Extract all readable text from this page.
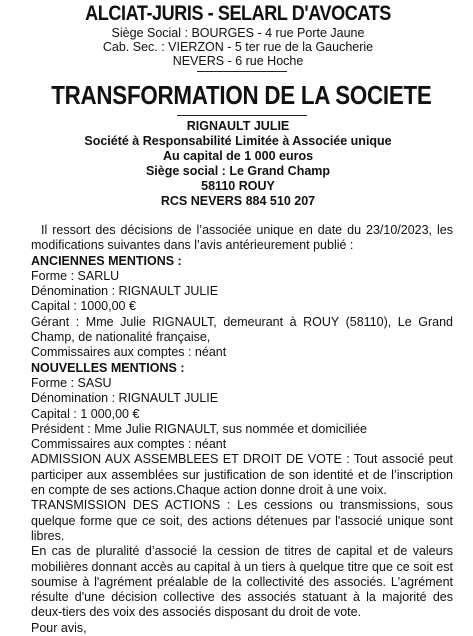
ALCIAT-JURIS - SELARL D'AVOCATS
Siège Social : BOURGES - 4 rue Porte Jaune
Cab. Sec. : VIERZON - 5 ter rue de la Gaucherie
NEVERS - 6 rue Hoche
TRANSFORMATION DE LA SOCIETE
RIGNAULT JULIE
Société à Responsabilité Limitée à Associée unique
Au capital de 1 000 euros
Siège social : Le Grand Champ
58110 ROUY
RCS NEVERS 884 510 207

Il ressort des décisions de l’associée unique en date du 23/10/2023, les modifications suivantes dans l’avis antérieurement publié :

ANCIENNES MENTIONS :

Forme : SARLU

Dénomination : RIGNAULT JULIE

Capital : 1000,00 €

Gérant : Mme Julie RIGNAULT, demeurant à ROUY (58110), Le Grand Champ, de nationalité française,

Commissaires aux comptes : néant

NOUVELLES MENTIONS :

Forme : SASU

Dénomination : RIGNAULT JULIE

Capital : 1 000,00 €

Président : Mme Julie RIGNAULT, sus nommée et domiciliée

Commissaires aux comptes : néant

ADMISSION AUX ASSEMBLEES ET DROIT DE VOTE : Tout associé peut participer aux assemblées sur justification de son identité et de l’inscription en compte de ses actions.Chaque action donne droit à une voix.

TRANSMISSION DES ACTIONS : Les cessions ou transmissions, sous quelque forme que ce soit, des actions détenues par l'associé unique sont libres.

En cas de pluralité d’associé la cession de titres de capital et de valeurs mobilières donnant accès au capital à un tiers à quelque titre que ce soit est soumise à l'agrément préalable de la collectivité des associés. L'agrément résulte d'une décision collective des associés statuant à la majorité des deux-tiers des voix des associés disposant du droit de vote.

Pour avis,
